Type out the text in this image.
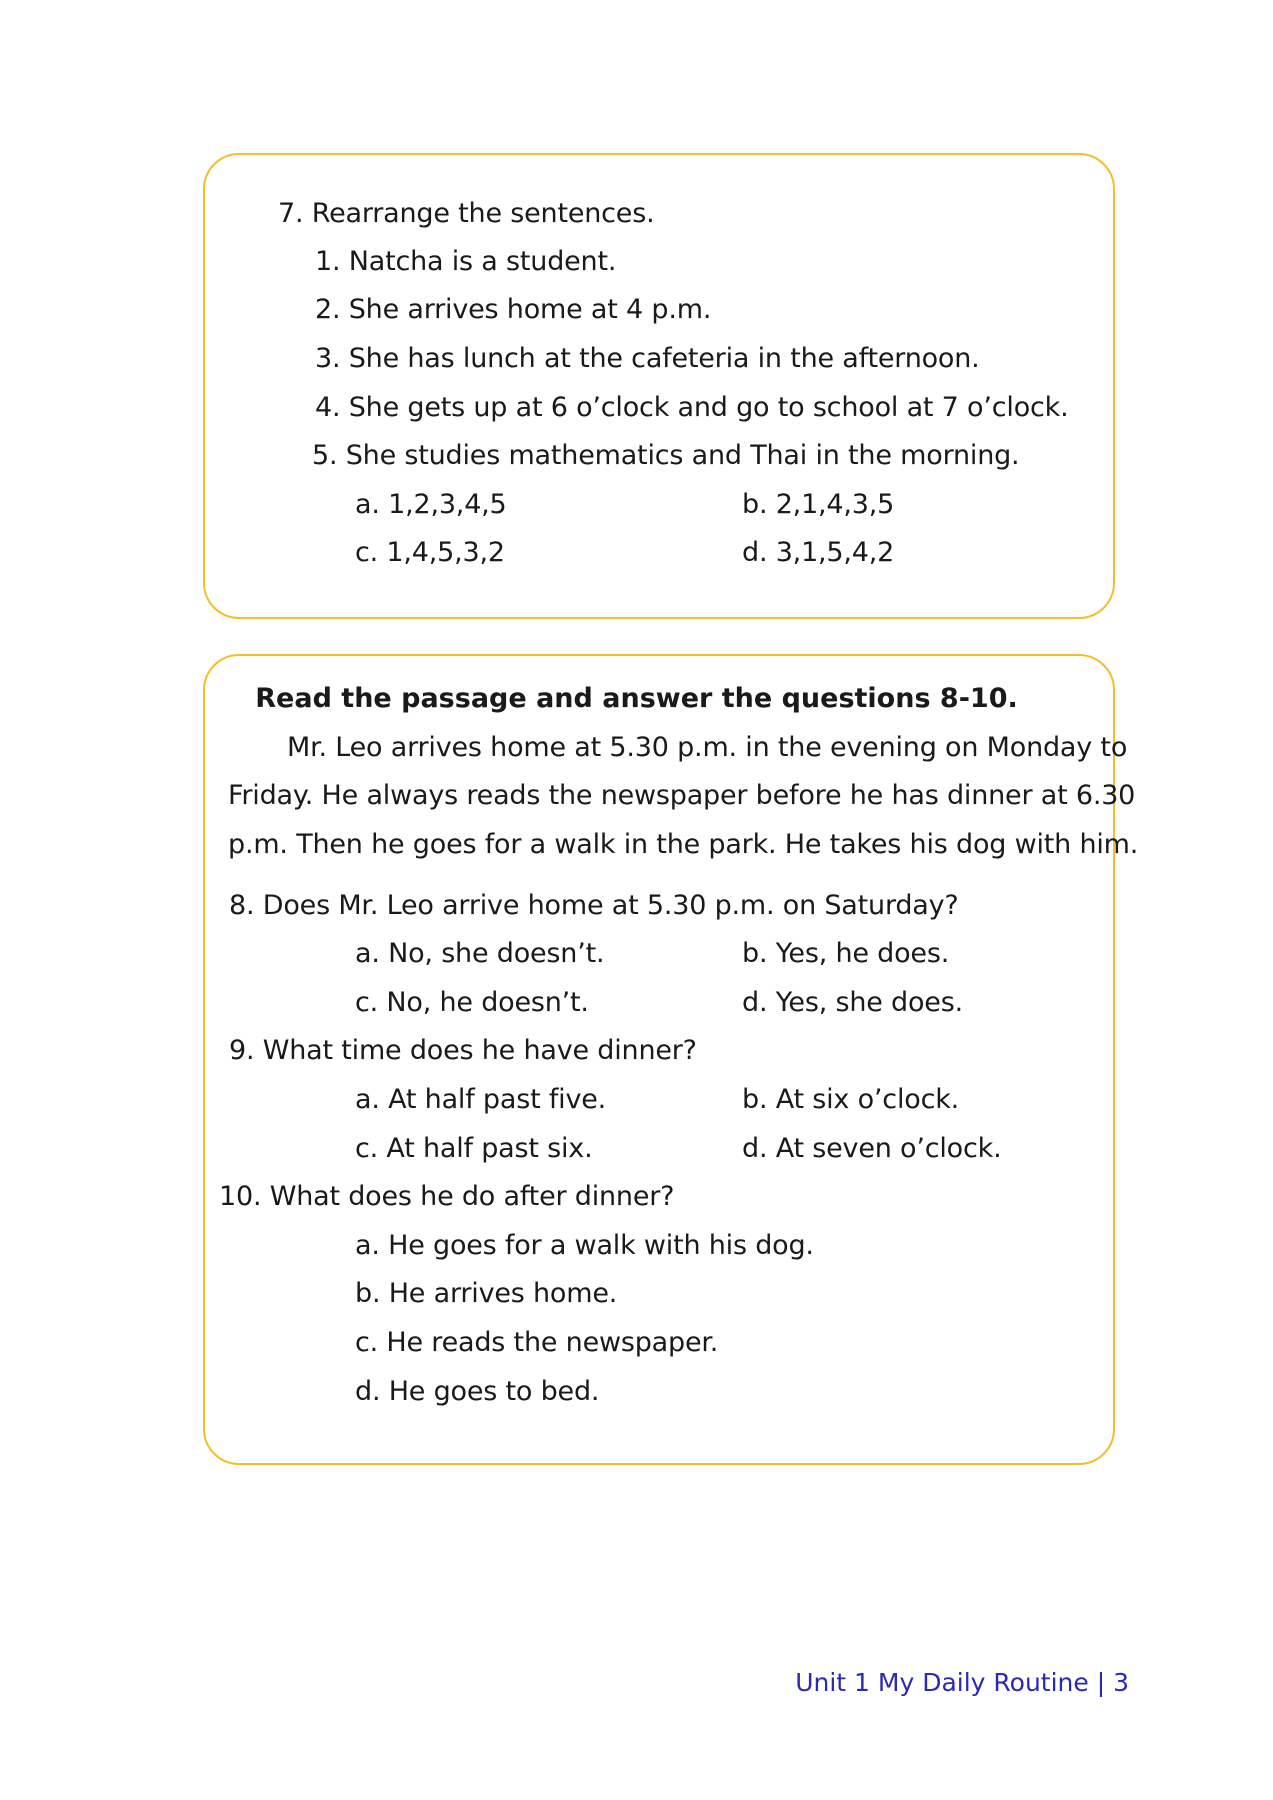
7. Rearrange the sentences.
1. Natcha is a student.
2. She arrives home at 4 p.m.
3. She has lunch at the cafeteria in the afternoon.
4. She gets up at 6 o’clock and go to school at 7 o’clock.
5. She studies mathematics and Thai in the morning.
a. 1,2,3,4,5	b. 2,1,4,3,5
c. 1,4,5,3,2	d. 3,1,5,4,2
Read the passage and answer the questions 8-10.
Mr. Leo arrives home at 5.30 p.m. in the evening on Monday to
Friday. He always reads the newspaper before he has dinner at 6.30
p.m. Then he goes for a walk in the park. He takes his dog with him.
8. Does Mr. Leo arrive home at 5.30 p.m. on Saturday?
a. No, she doesn’t.	b. Yes, he does.
c. No, he doesn’t.	d. Yes, she does.
9. What time does he have dinner?
a. At half past five.	b. At six o’clock.
c. At half past six.	d. At seven o’clock.
10. What does he do after dinner?
a. He goes for a walk with his dog.
b. He arrives home.
c. He reads the newspaper.
d. He goes to bed.
Unit 1 My Daily Routine | 3
